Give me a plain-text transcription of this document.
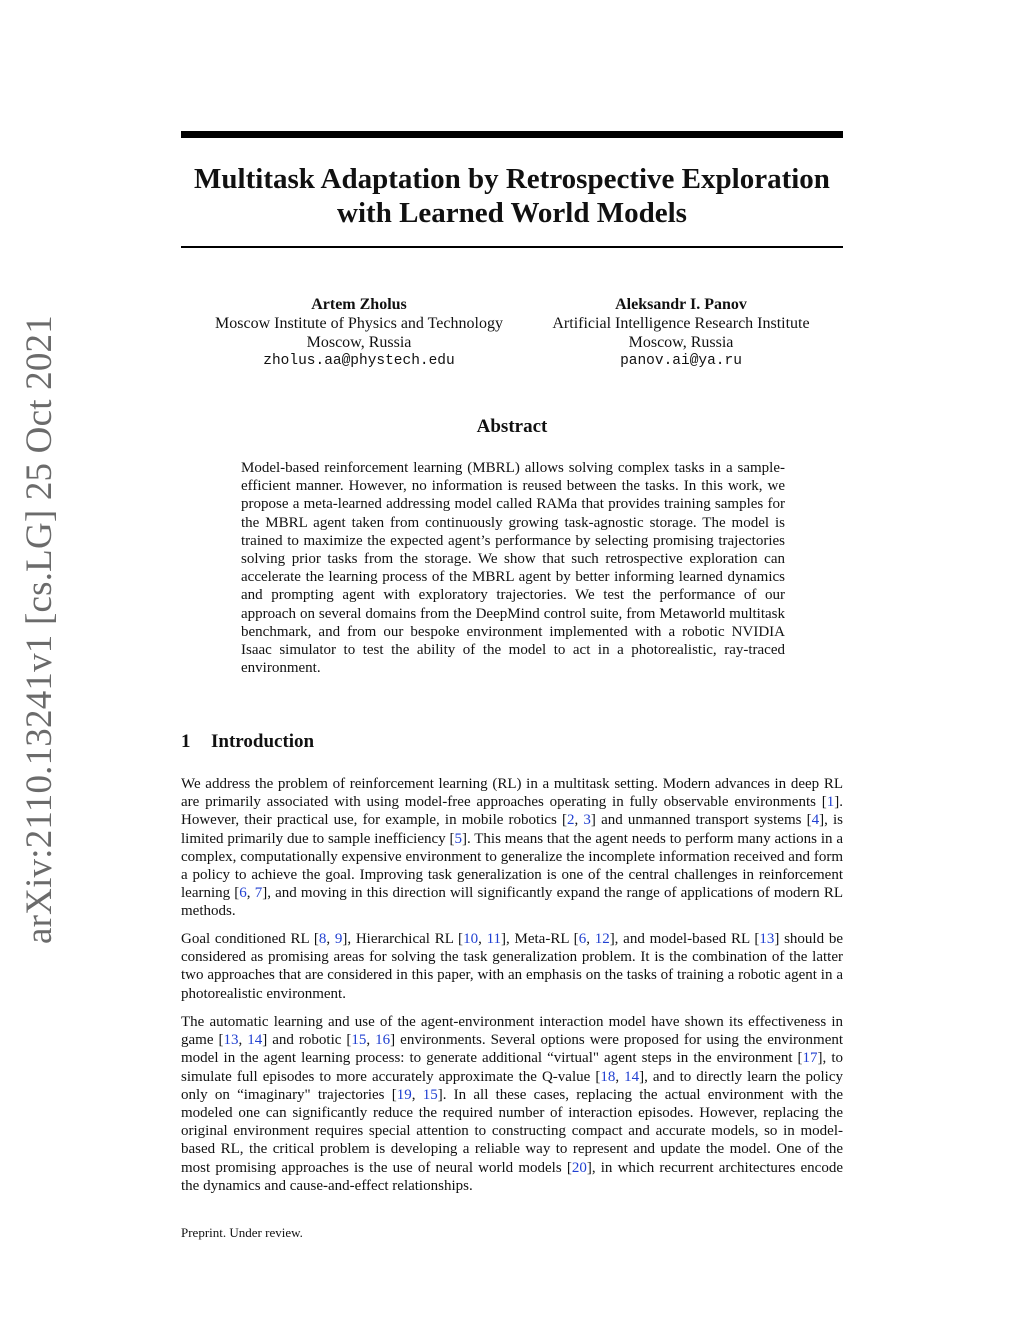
arXiv:2110.13241v1 [cs.LG] 25 Oct 2021
Multitask Adaptation by Retrospective Exploration
with Learned World Models
Artem Zholus
Moscow Institute of Physics and Technology
Moscow, Russia
zholus.aa@phystech.edu
Aleksandr I. Panov
Artificial Intelligence Research Institute
Moscow, Russia
panov.ai@ya.ru
Abstract

Model-based reinforcement learning (MBRL) allows solving complex tasks in a sample-efficient manner. However, no information is reused between the tasks. In this work, we propose a meta-learned addressing model called RAMa that provides training samples for the MBRL agent taken from continuously growing task-agnostic storage. The model is trained to maximize the expected agent’s performance by selecting promising trajectories solving prior tasks from the storage. We show that such retrospective exploration can accelerate the learning process of the MBRL agent by better informing learned dynamics and prompting agent with exploratory trajectories. We test the performance of our approach on several domains from the DeepMind control suite, from Metaworld multitask benchmark, and from our bespoke environment implemented with a robotic NVIDIA Isaac simulator to test the ability of the model to act in a photorealistic, ray-traced environment.

1 Introduction

We address the problem of reinforcement learning (RL) in a multitask setting. Modern advances in deep RL are primarily associated with using model-free approaches operating in fully observable environments [1]. However, their practical use, for example, in mobile robotics [2, 3] and unmanned transport systems [4], is limited primarily due to sample inefficiency [5]. This means that the agent needs to perform many actions in a complex, computationally expensive environment to generalize the incomplete information received and form a policy to achieve the goal. Improving task generalization is one of the central challenges in reinforcement learning [6, 7], and moving in this direction will significantly expand the range of applications of modern RL methods.

Goal conditioned RL [8, 9], Hierarchical RL [10, 11], Meta-RL [6, 12], and model-based RL [13] should be considered as promising areas for solving the task generalization problem. It is the combination of the latter two approaches that are considered in this paper, with an emphasis on the tasks of training a robotic agent in a photorealistic environment.

The automatic learning and use of the agent-environment interaction model have shown its effectiveness in game [13, 14] and robotic [15, 16] environments. Several options were proposed for using the environment model in the agent learning process: to generate additional “virtual" agent steps in the environment [17], to simulate full episodes to more accurately approximate the Q-value [18, 14], and to directly learn the policy only on “imaginary" trajectories [19, 15]. In all these cases, replacing the actual environment with the modeled one can significantly reduce the required number of interaction episodes. However, replacing the original environment requires special attention to constructing compact and accurate models, so in model-based RL, the critical problem is developing a reliable way to represent and update the model. One of the most promising approaches is the use of neural world models [20], in which recurrent architectures encode the dynamics and cause-and-effect relationships.

Preprint. Under review.
